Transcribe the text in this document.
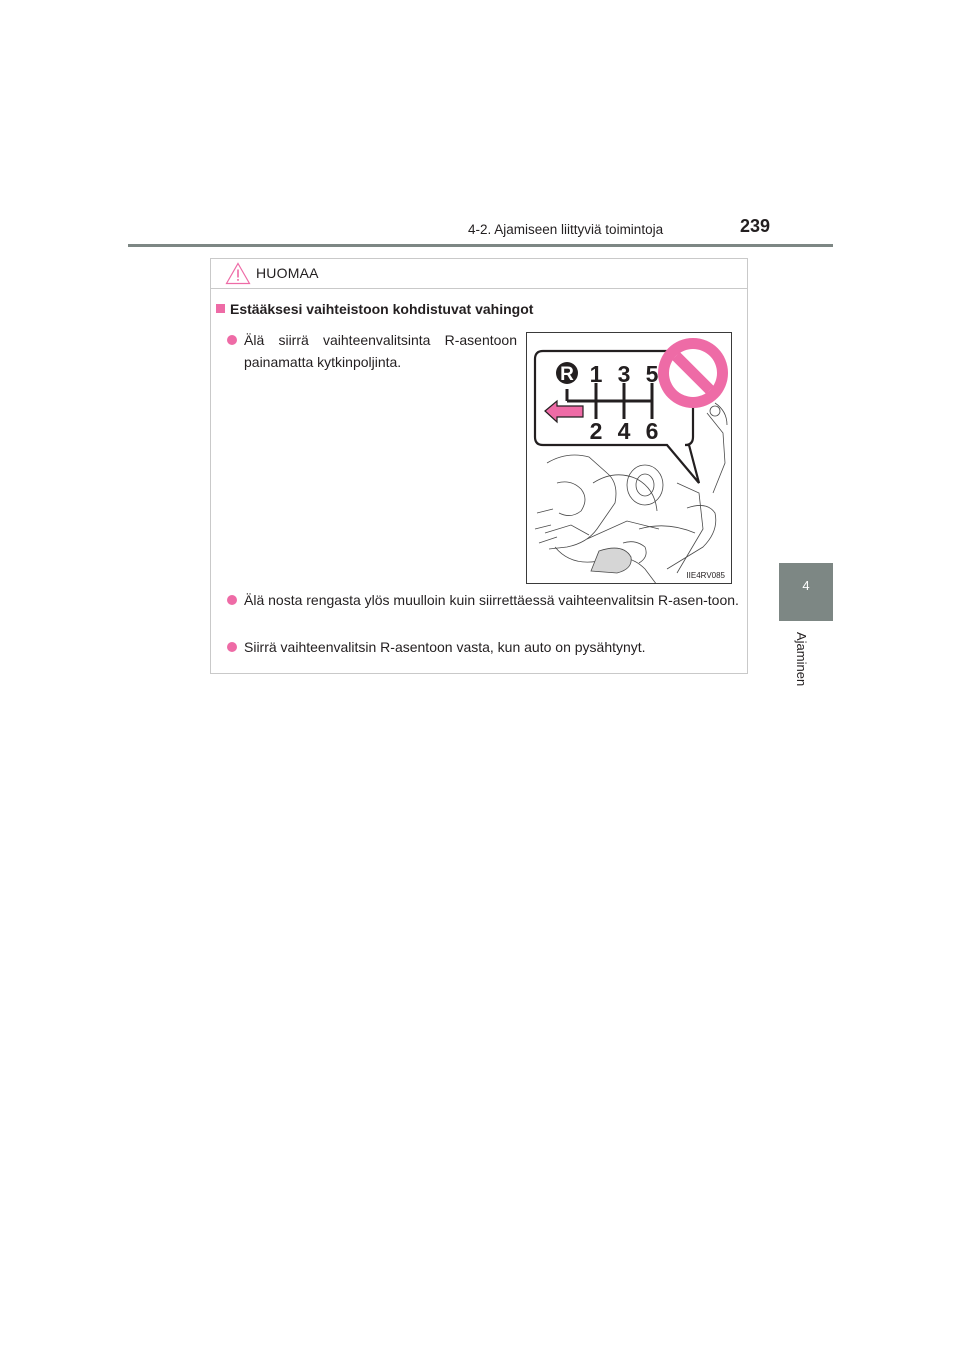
4-2. Ajamiseen liittyviä toimintoja	239
4
Ajaminen
HUOMAA
Estääksesi vaihteistoon kohdistuvat vahingot
Älä siirrä vaihteenvalitsinta R-asentoon painamatta kytkinpoljinta.
R 1 3 5
2 4 6
IIE4RV085
Älä nosta rengasta ylös muulloin kuin siirrettäessä vaihteenvalitsin R-asen-toon.
Siirrä vaihteenvalitsin R-asentoon vasta, kun auto on pysähtynyt.
